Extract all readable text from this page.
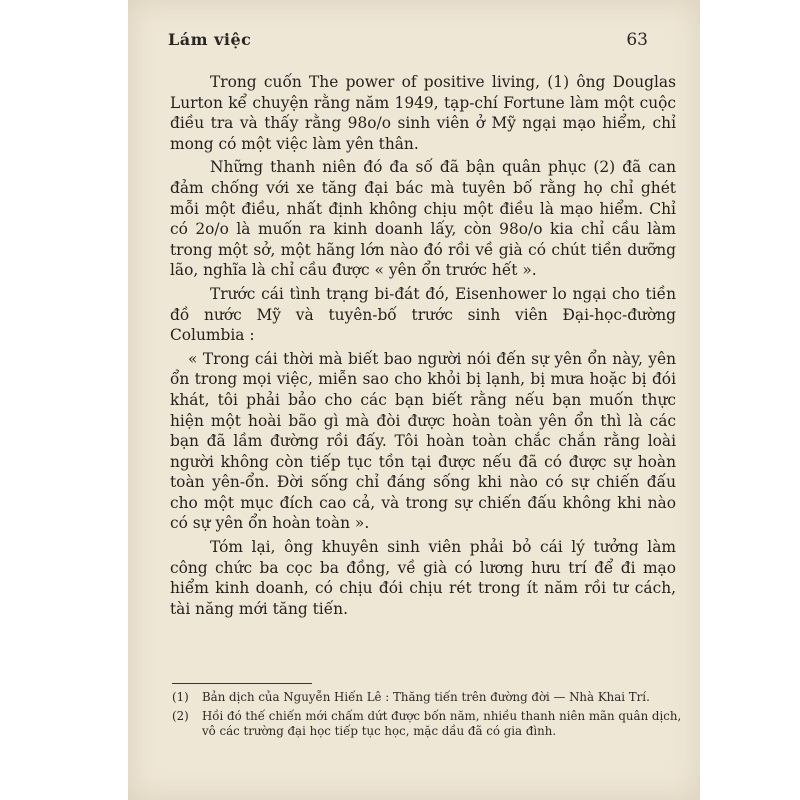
Lám việc	63

Trong cuốn The power of positive living, (1) ông Douglas Lurton kể chuyện rằng năm 1949, tạp-chí Fortune làm một cuộc điều tra và thấy rằng 98o/o sinh viên ở Mỹ ngại mạo hiểm, chỉ mong có một việc làm yên thân.

Những thanh niên đó đa số đã bận quân phục (2) đã can đảm chống với xe tăng đại bác mà tuyên bố rằng họ chỉ ghét mỗi một điều, nhất định không chịu một điều là mạo hiểm. Chỉ có 2o/o là muốn ra kinh doanh lấy, còn 98o/o kia chỉ cầu làm trong một sở, một hãng lớn nào đó rồi về già có chút tiền dưỡng lão, nghĩa là chỉ cầu được « yên ổn trước hết ».

Trước cái tình trạng bi-đát đó, Eisenhower lo ngại cho tiền đồ nước Mỹ và tuyên-bố trước sinh viên Đại-học-đường Columbia :

« Trong cái thời mà biết bao người nói đến sự yên ổn này, yên ổn trong mọi việc, miễn sao cho khỏi bị lạnh, bị mưa hoặc bị đói khát, tôi phải bảo cho các bạn biết rằng nếu bạn muốn thực hiện một hoài bão gì mà đòi được hoàn toàn yên ổn thì là các bạn đã lầm đường rồi đấy. Tôi hoàn toàn chắc chắn rằng loài người không còn tiếp tục tồn tại được nếu đã có được sự hoàn toàn yên-ổn. Đời sống chỉ đáng sống khi nào có sự chiến đấu cho một mục đích cao cả, và trong sự chiến đấu không khi nào có sự yên ổn hoàn toàn ».

Tóm lại, ông khuyên sinh viên phải bỏ cái lý tưởng làm công chức ba cọc ba đồng, về già có lương hưu trí để đi mạo hiểm kinh doanh, có chịu đói chịu rét trong ít năm rồi tư cách, tài năng mới tăng tiến.

(1) Bản dịch của Nguyễn Hiến Lê : Thăng tiến trên đường đời — Nhà Khai Trí.
(2) Hồi đó thế chiến mới chấm dứt được bốn năm, nhiều thanh niên mãn quân dịch, vô các trường đại học tiếp tục học, mặc dầu đã có gia đình.
